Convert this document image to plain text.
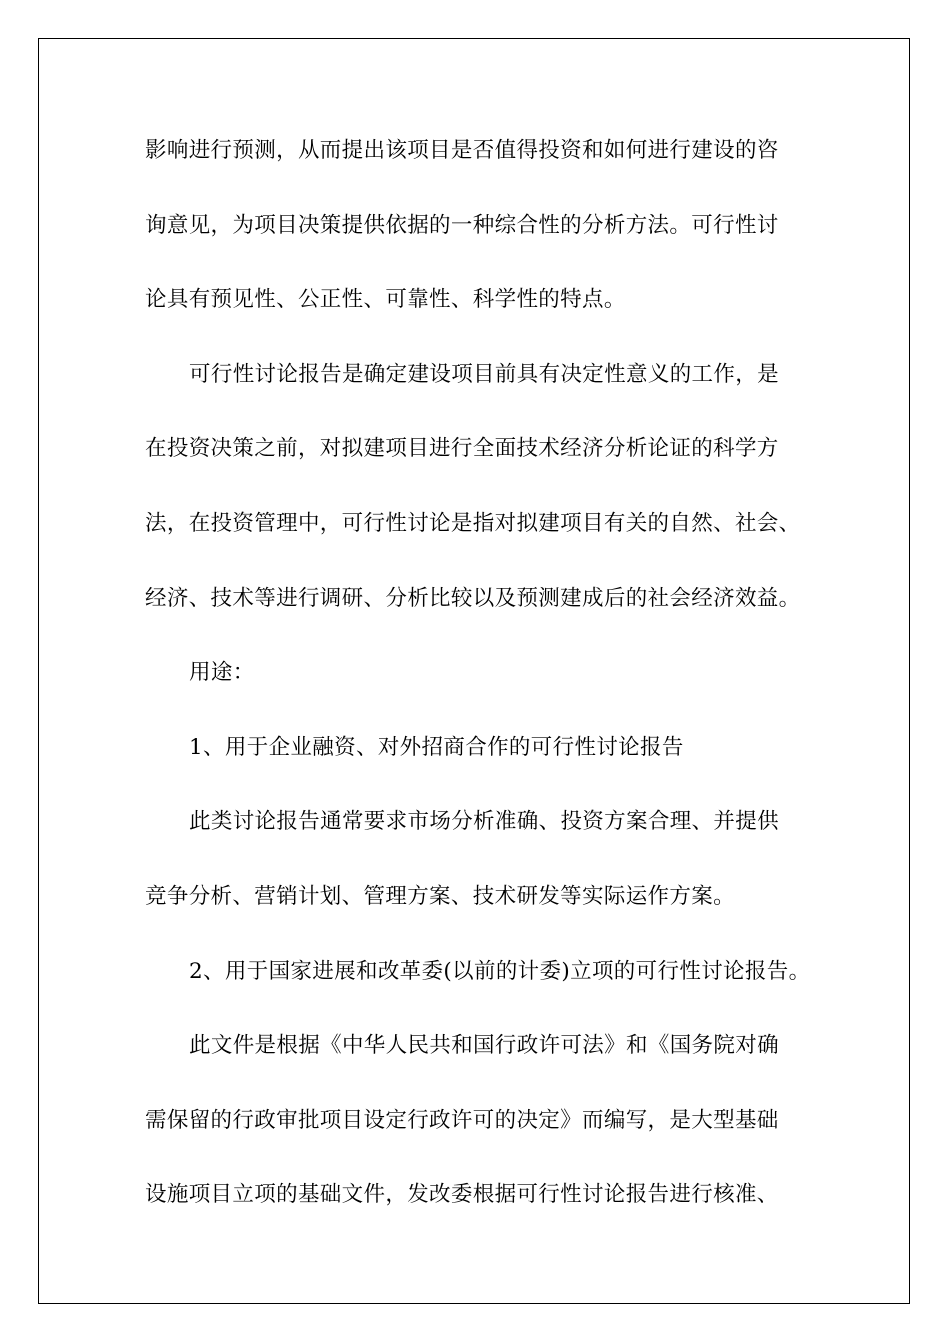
影响进行预测，从而提出该项目是否值得投资和如何进行建设的咨
询意见，为项目决策提供依据的一种综合性的分析方法。可行性讨
论具有预见性、公正性、可靠性、科学性的特点。
可行性讨论报告是确定建设项目前具有决定性意义的工作，是
在投资决策之前，对拟建项目进行全面技术经济分析论证的科学方
法，在投资管理中，可行性讨论是指对拟建项目有关的自然、社会、
经济、技术等进行调研、分析比较以及预测建成后的社会经济效益。
用途：
1、用于企业融资、对外招商合作的可行性讨论报告
此类讨论报告通常要求市场分析准确、投资方案合理、并提供
竞争分析、营销计划、管理方案、技术研发等实际运作方案。
2、用于国家进展和改革委(以前的计委)立项的可行性讨论报告。
此文件是根据《中华人民共和国行政许可法》和《国务院对确
需保留的行政审批项目设定行政许可的决定》而编写，是大型基础
设施项目立项的基础文件，发改委根据可行性讨论报告进行核准、
